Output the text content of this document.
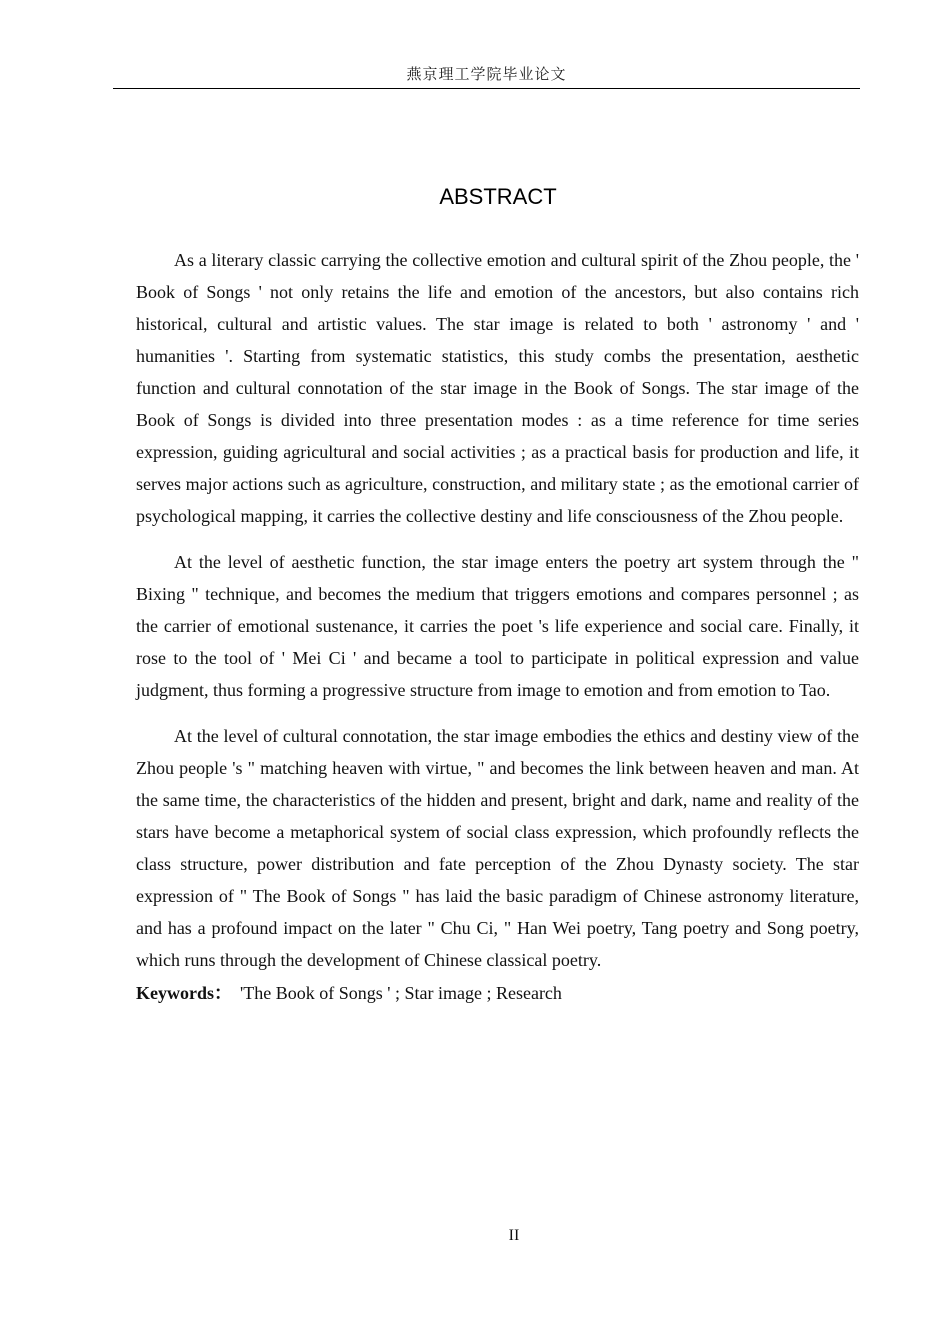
燕京理工学院毕业论文
ABSTRACT

As a literary classic carrying the collective emotion and cultural spirit of the Zhou people, the ' Book of Songs ' not only retains the life and emotion of the ancestors, but also contains rich historical, cultural and artistic values. The star image is related to both ' astronomy ' and ' humanities '. Starting from systematic statistics, this study combs the presentation, aesthetic function and cultural connotation of the star image in the Book of Songs. The star image of the Book of Songs is divided into three presentation modes : as a time reference for time series expression, guiding agricultural and social activities ; as a practical basis for production and life, it serves major actions such as agriculture, construction, and military state ; as the emotional carrier of psychological mapping, it carries the collective destiny and life consciousness of the Zhou people.

At the level of aesthetic function, the star image enters the poetry art system through the " Bixing " technique, and becomes the medium that triggers emotions and compares personnel ; as the carrier of emotional sustenance, it carries the poet 's life experience and social care. Finally, it rose to the tool of ' Mei Ci ' and became a tool to participate in political expression and value judgment, thus forming a progressive structure from image to emotion and from emotion to Tao.

At the level of cultural connotation, the star image embodies the ethics and destiny view of the Zhou people 's " matching heaven with virtue, " and becomes the link between heaven and man. At the same time, the characteristics of the hidden and present, bright and dark, name and reality of the stars have become a metaphorical system of social class expression, which profoundly reflects the class structure, power distribution and fate perception of the Zhou Dynasty society. The star expression of " The Book of Songs " has laid the basic paradigm of Chinese astronomy literature, and has a profound impact on the later " Chu Ci, " Han Wei poetry, Tang poetry and Song poetry, which runs through the development of Chinese classical poetry.

Keywords： 'The Book of Songs ' ; Star image ; Research

II
